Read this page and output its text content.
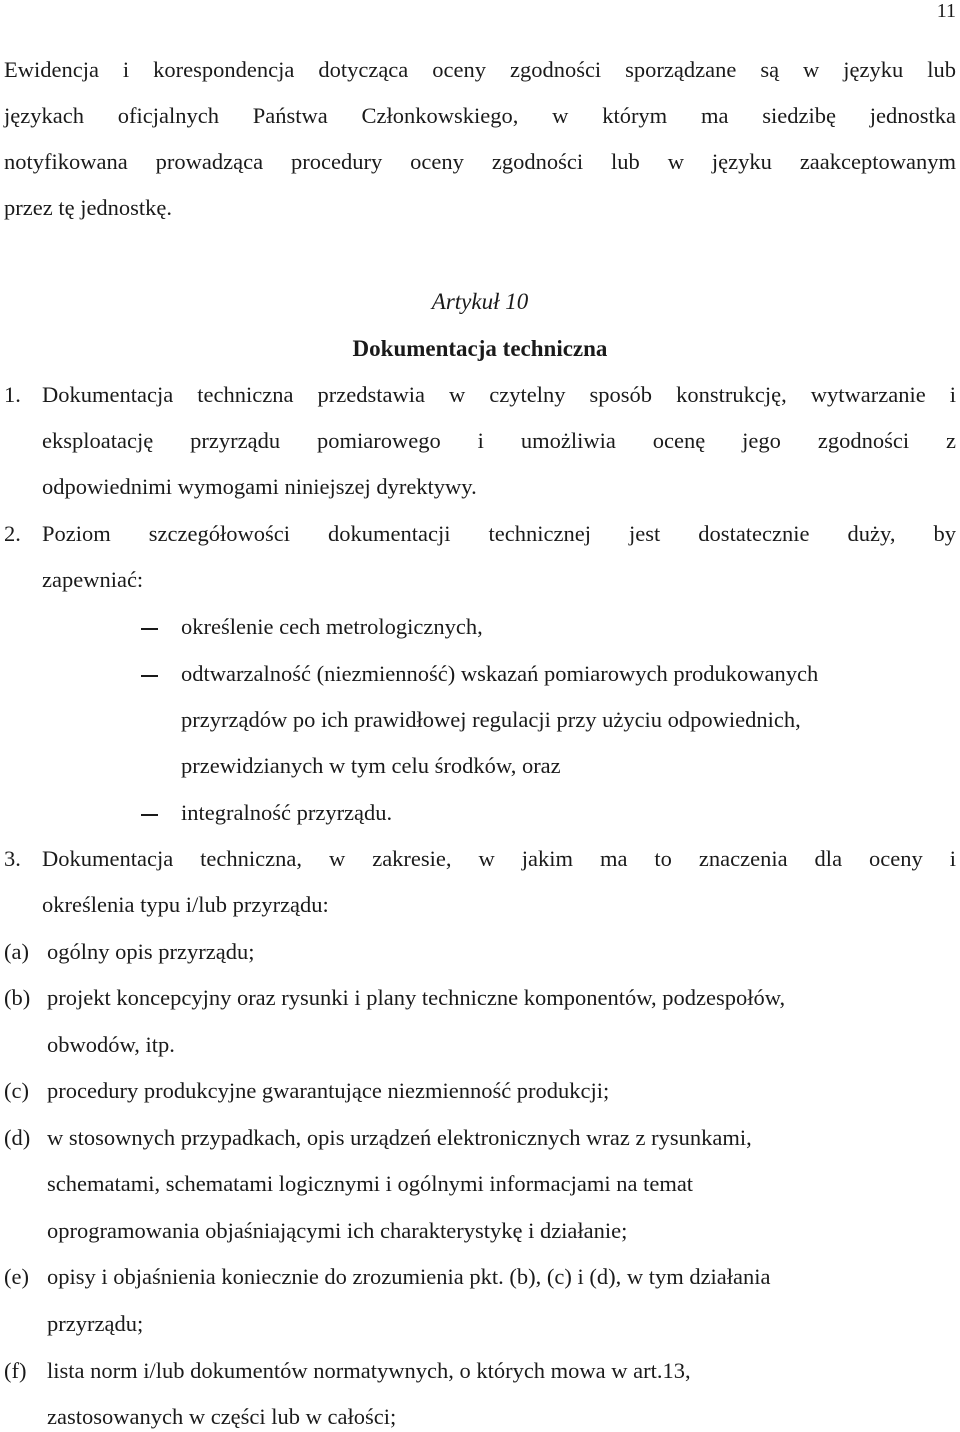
11
Ewidencja i korespondencja dotycząca oceny zgodności sporządzane są w języku lub
językach oficjalnych Państwa Członkowskiego, w którym ma siedzibę jednostka
notyfikowana prowadząca procedury oceny zgodności lub w języku zaakceptowanym
przez tę jednostkę.
Artykuł 10
Dokumentacja techniczna
1. Dokumentacja techniczna przedstawia w czytelny sposób konstrukcję, wytwarzanie i
eksploatację przyrządu pomiarowego i umożliwia ocenę jego zgodności z
odpowiednimi wymogami niniejszej dyrektywy.
2. Poziom szczegółowości dokumentacji technicznej jest dostatecznie duży, by
zapewniać:
określenie cech metrologicznych,
odtwarzalność (niezmienność) wskazań pomiarowych produkowanych
przyrządów po ich prawidłowej regulacji przy użyciu odpowiednich,
przewidzianych w tym celu środków, oraz
integralność przyrządu.
3. Dokumentacja techniczna, w zakresie, w jakim ma to znaczenia dla oceny i
określenia typu i/lub przyrządu:
(a) ogólny opis przyrządu;
(b) projekt koncepcyjny oraz rysunki i plany techniczne komponentów, podzespołów,
obwodów, itp.
(c) procedury produkcyjne gwarantujące niezmienność produkcji;
(d) w stosownych przypadkach, opis urządzeń elektronicznych wraz z rysunkami,
schematami, schematami logicznymi i ogólnymi informacjami na temat
oprogramowania objaśniającymi ich charakterystykę i działanie;
(e) opisy i objaśnienia koniecznie do zrozumienia pkt. (b), (c) i (d), w tym działania
przyrządu;
(f) lista norm i/lub dokumentów normatywnych, o których mowa w art.13,
zastosowanych w części lub w całości;
